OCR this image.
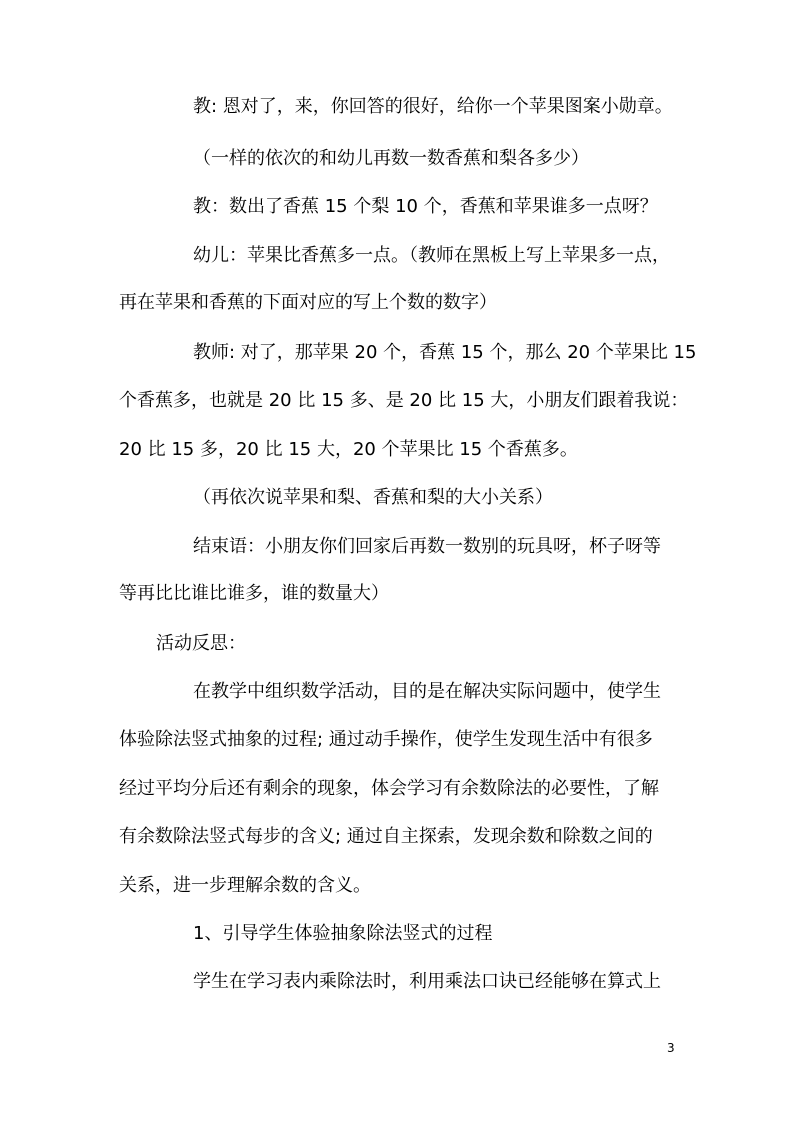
教: 恩对了，来，你回答的很好，给你一个苹果图案小勋章。
（一样的依次的和幼儿再数一数香蕉和梨各多少）
教：数出了香蕉 15 个梨 10 个，香蕉和苹果谁多一点呀？
幼儿：苹果比香蕉多一点。（教师在黑板上写上苹果多一点，
再在苹果和香蕉的下面对应的写上个数的数字）
教师: 对了，那苹果 20 个，香蕉 15 个，那么 20 个苹果比 15
个香蕉多，也就是 20 比 15 多、是 20 比 15 大，小朋友们跟着我说：
20 比 15 多，20 比 15 大，20 个苹果比 15 个香蕉多。
（再依次说苹果和梨、香蕉和梨的大小关系）
结束语：小朋友你们回家后再数一数别的玩具呀，杯子呀等
等再比比谁比谁多，谁的数量大）
活动反思：
在教学中组织数学活动，目的是在解决实际问题中，使学生
体验除法竖式抽象的过程; 通过动手操作，使学生发现生活中有很多
经过平均分后还有剩余的现象，体会学习有余数除法的必要性，了解
有余数除法竖式每步的含义; 通过自主探索，发现余数和除数之间的
关系，进一步理解余数的含义。
1、引导学生体验抽象除法竖式的过程
学生在学习表内乘除法时，利用乘法口诀已经能够在算式上
3
